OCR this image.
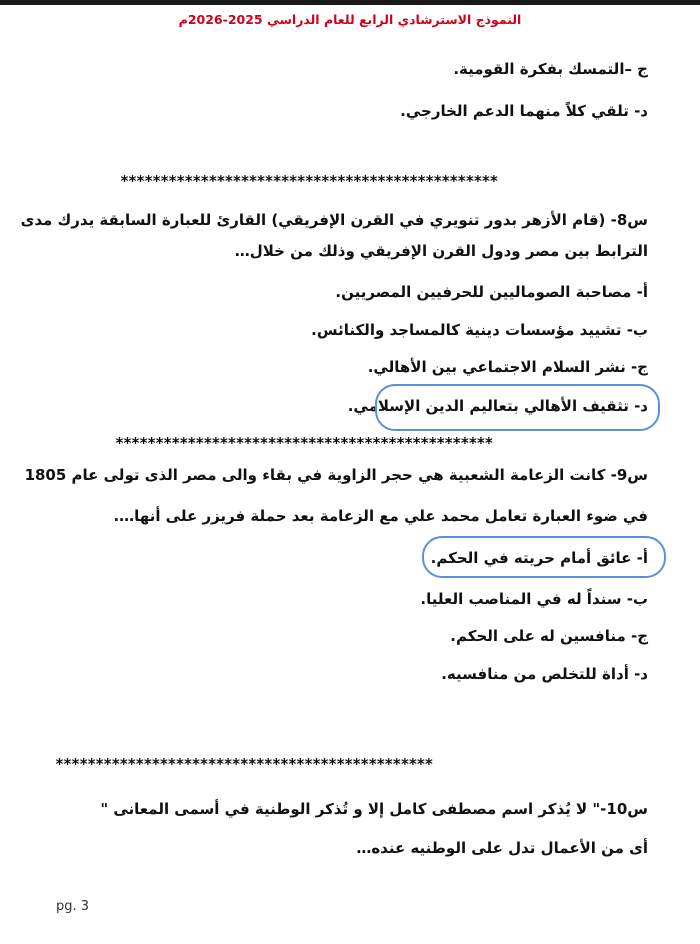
النموذج الاسترشادي الرابع للعام الدراسي 2025-2026م
ج –التمسك بفكرة القومية.
د- تلقي كلاً منهما الدعم الخارجي.
***********************************************
س8- (قام الأزهر بدور تنويري في القرن الإفريقي) القارئ للعبارة السابقة يدرك مدى
الترابط بين مصر ودول القرن الإفريقي وذلك من خلال…
أ- مصاحبة الصوماليين للحرفيين المصريين.
ب- تشييد مؤسسات دينية كالمساجد والكنائس.
ج- نشر السلام الاجتماعي بين الأهالي.
د- تثقيف الأهالي بتعاليم الدين الإسلامي.
***********************************************
س9- كانت الزعامة الشعبية هي حجر الزاوية في بقاء والى مصر الذى تولى عام 1805
في ضوء العبارة تعامل محمد علي مع الزعامة بعد حملة فريزر على أنها….
أ- عائق أمام حريته في الحكم.
ب- سنداً له في المناصب العليا.
ج- منافسين له على الحكم.
د- أداة للتخلص من منافسيه.
***********************************************
س10-" لا يُذكر اسم مصطفى كامل إلا و تُذكر الوطنية في أسمى المعانى "
أى من الأعمال تدل على الوطنيه عنده…
pg. 3
